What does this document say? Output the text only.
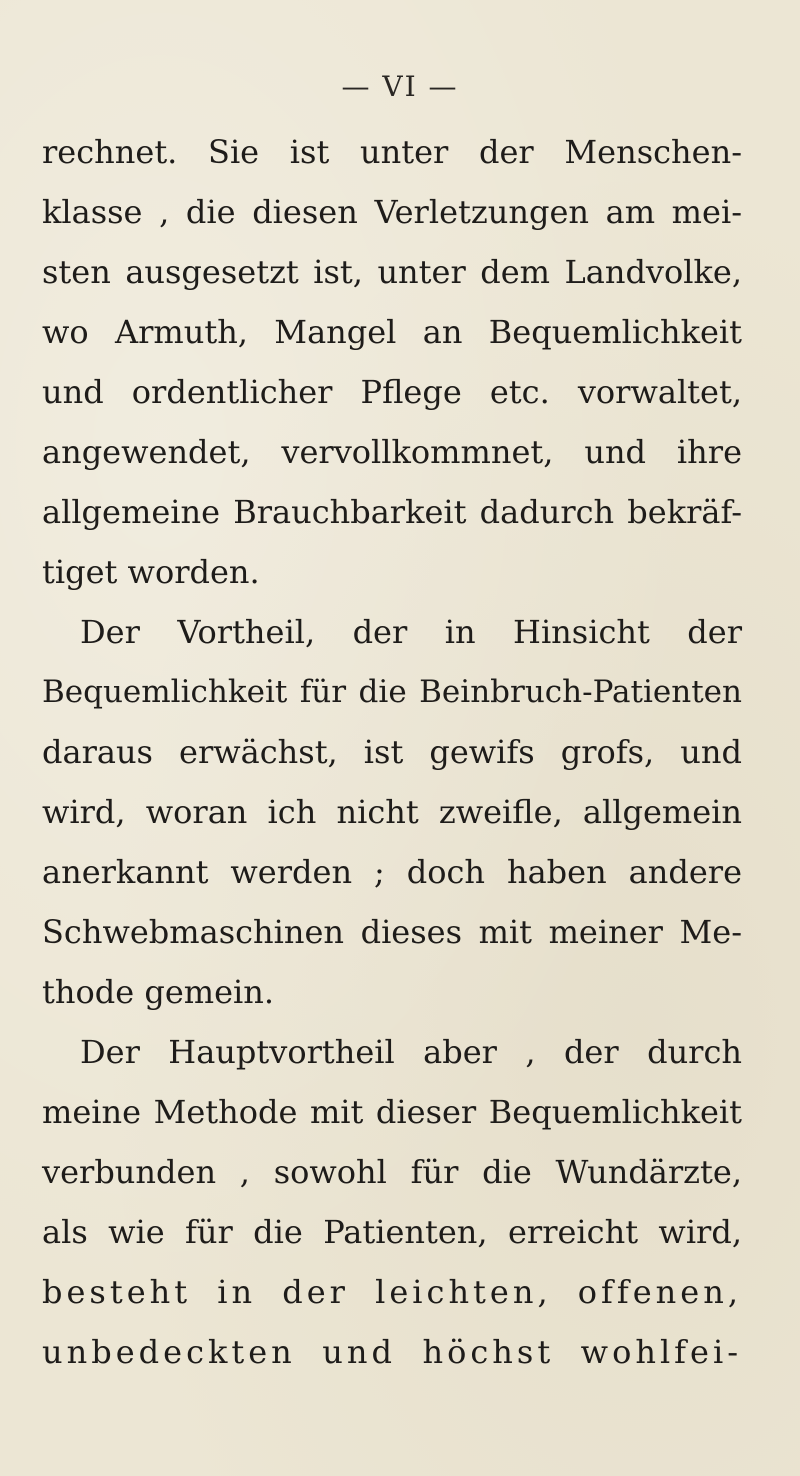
— VI —
rechnet. Sie ist unter der Menschen-
klasse , die diesen Verletzungen am mei-
sten ausgesetzt ist, unter dem Landvolke,
wo Armuth, Mangel an Bequemlichkeit
und ordentlicher Pflege etc. vorwaltet,
angewendet, vervollkommnet, und ihre
allgemeine Brauchbarkeit dadurch bekräf-
tiget worden.
Der Vortheil, der in Hinsicht der
Bequemlichkeit für die Beinbruch-Patienten
daraus erwächst, ist gewifs grofs, und
wird, woran ich nicht zweifle, allgemein
anerkannt werden ; doch haben andere
Schwebmaschinen dieses mit meiner Me-
thode gemein.
Der Hauptvortheil aber , der durch
meine Methode mit dieser Bequemlichkeit
verbunden , sowohl für die Wundärzte,
als wie für die Patienten, erreicht wird,
besteht in der leichten, offenen,
unbedeckten und höchst wohlfei-
